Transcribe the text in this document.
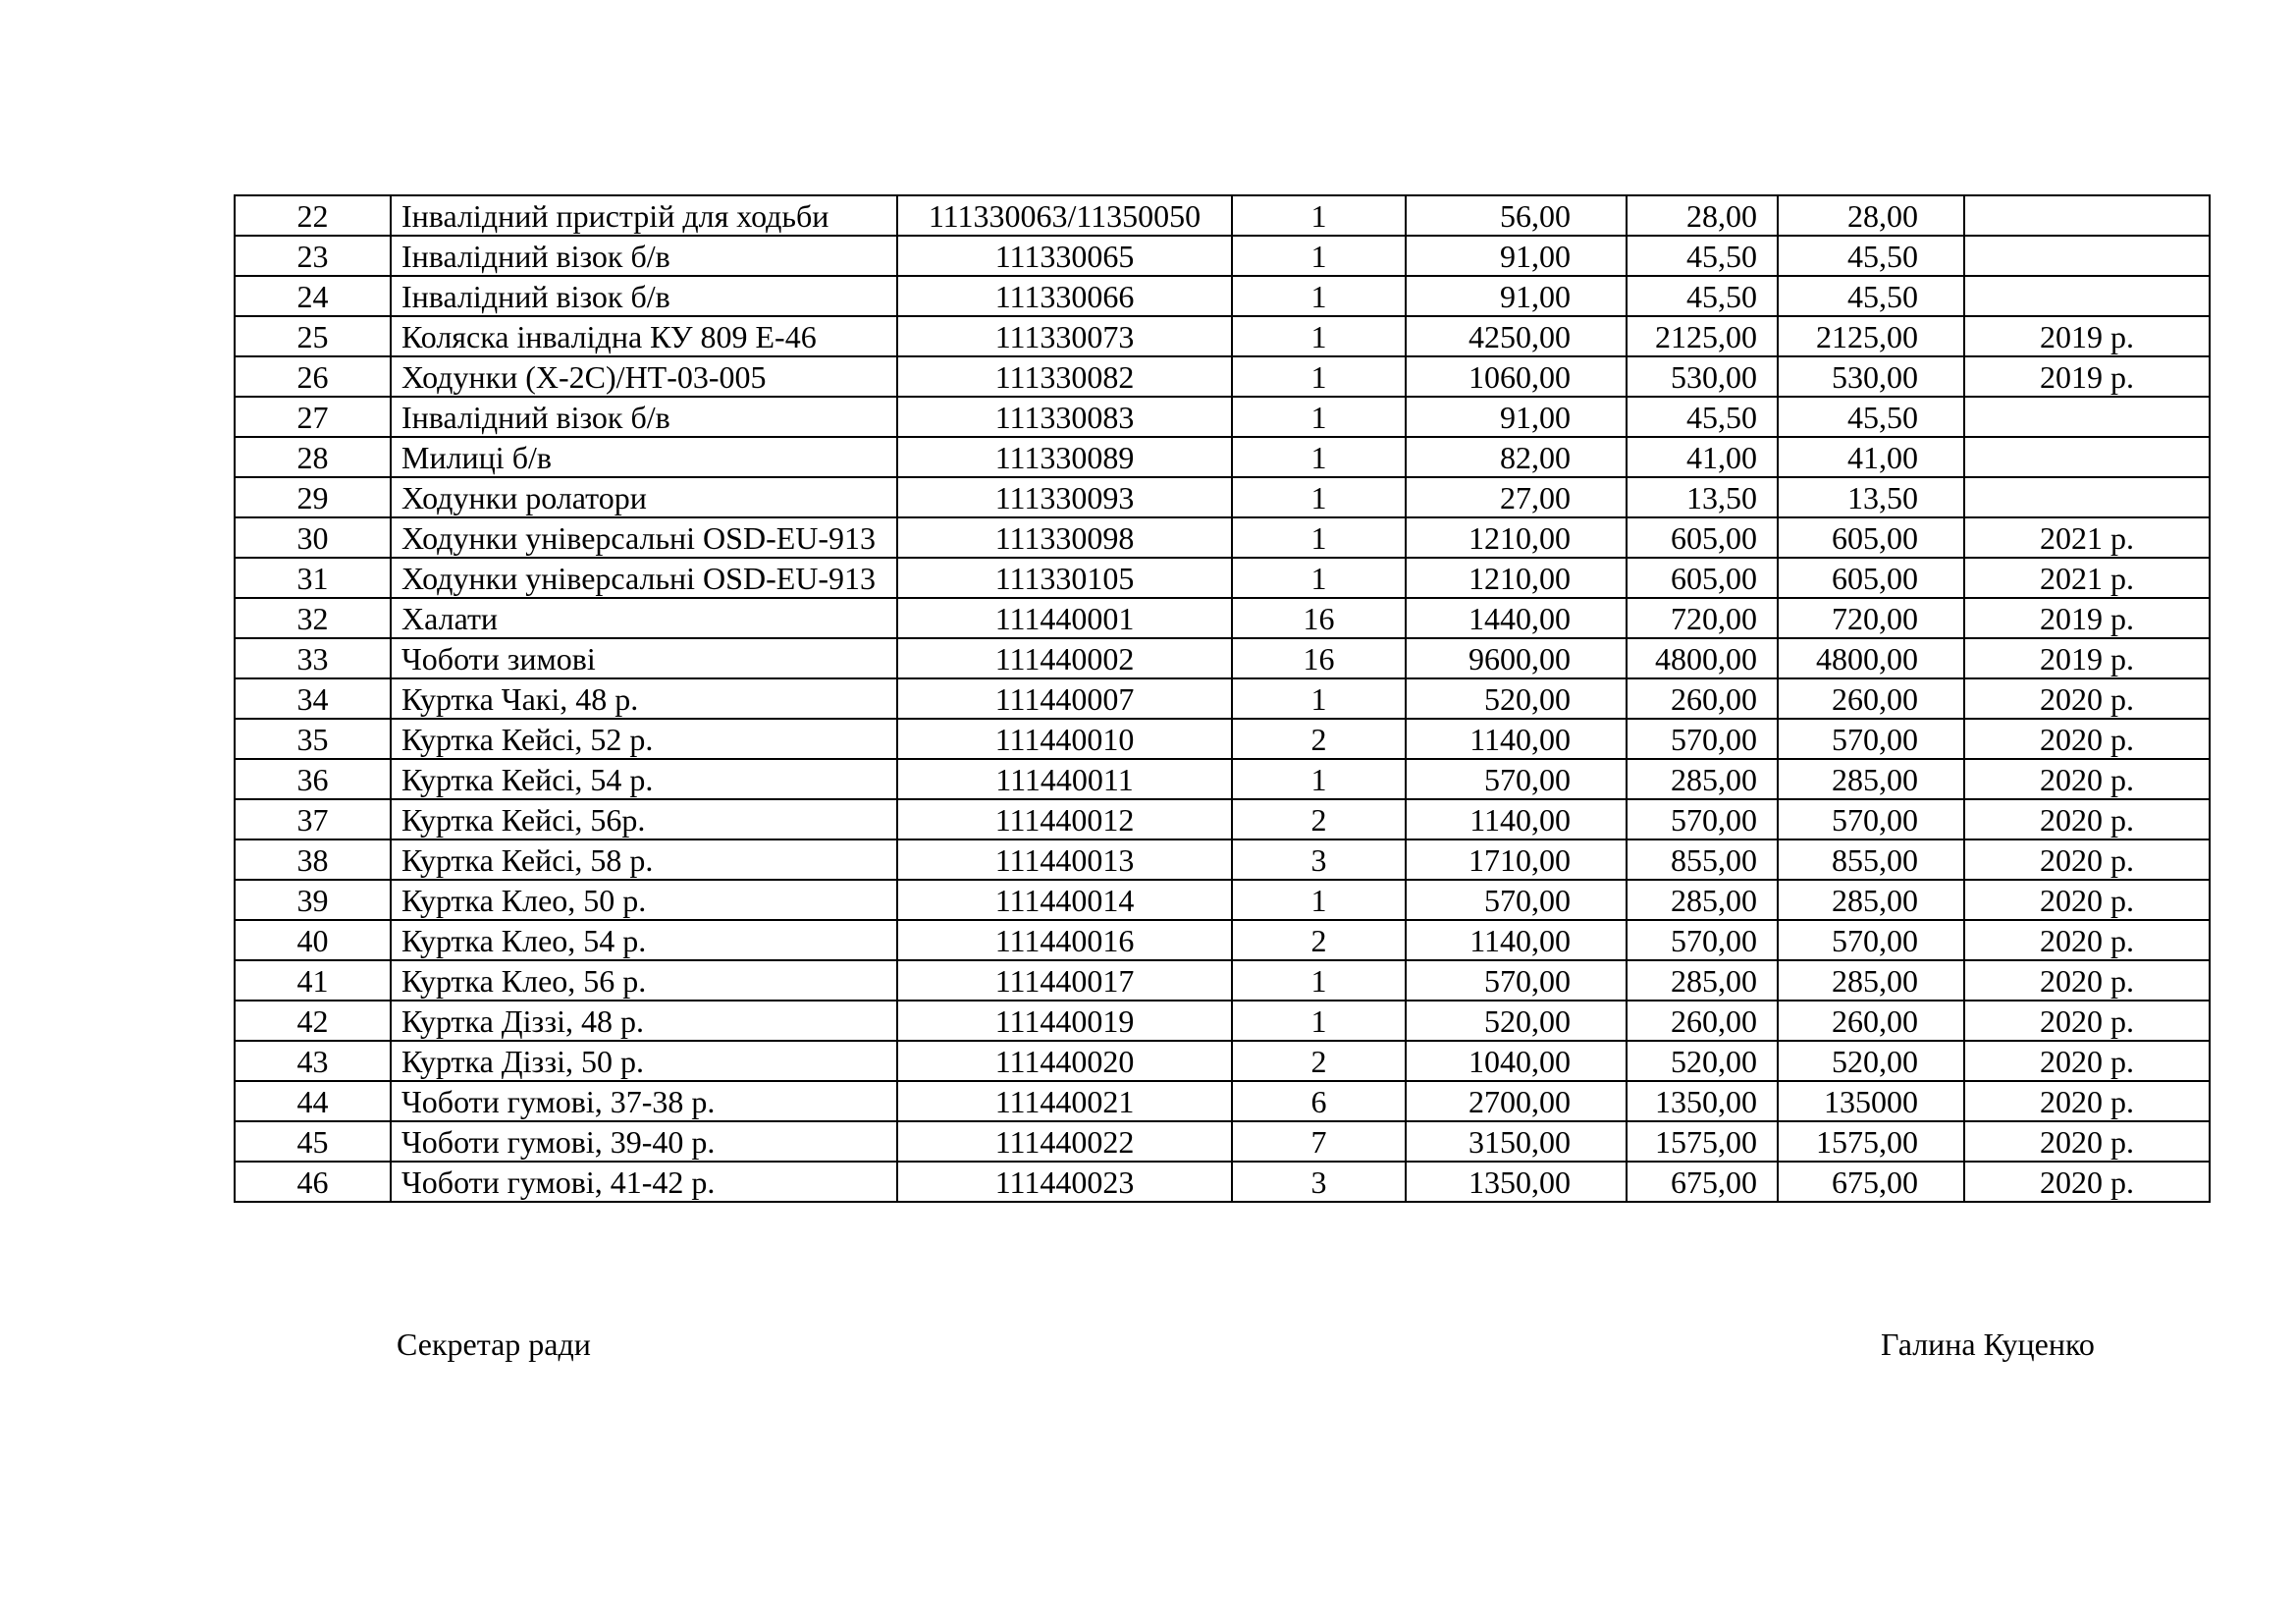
22	Інвалідний пристрій для ходьби	111330063/11350050	1	56,00	28,00	28,00	
23	Інвалідний візок б/в	111330065	1	91,00	45,50	45,50	
24	Інвалідний візок б/в	111330066	1	91,00	45,50	45,50	
25	Коляска інвалідна КУ 809 Е-46	111330073	1	4250,00	2125,00	2125,00	2019 р.
26	Ходунки (Х-2С)/НТ-03-005	111330082	1	1060,00	530,00	530,00	2019 р.
27	Інвалідний візок б/в	111330083	1	91,00	45,50	45,50	
28	Милиці б/в	111330089	1	82,00	41,00	41,00	
29	Ходунки ролатори	111330093	1	27,00	13,50	13,50	
30	Ходунки універсальні OSD-EU-913	111330098	1	1210,00	605,00	605,00	2021 р.
31	Ходунки універсальні OSD-EU-913	111330105	1	1210,00	605,00	605,00	2021 р.
32	Халати	111440001	16	1440,00	720,00	720,00	2019 р.
33	Чоботи зимові	111440002	16	9600,00	4800,00	4800,00	2019 р.
34	Куртка Чакі, 48 р.	111440007	1	520,00	260,00	260,00	2020 р.
35	Куртка Кейсі, 52 р.	111440010	2	1140,00	570,00	570,00	2020 р.
36	Куртка Кейсі, 54 р.	111440011	1	570,00	285,00	285,00	2020 р.
37	Куртка Кейсі, 56р.	111440012	2	1140,00	570,00	570,00	2020 р.
38	Куртка Кейсі, 58 р.	111440013	3	1710,00	855,00	855,00	2020 р.
39	Куртка Клео, 50 р.	111440014	1	570,00	285,00	285,00	2020 р.
40	Куртка Клео, 54 р.	111440016	2	1140,00	570,00	570,00	2020 р.
41	Куртка Клео, 56 р.	111440017	1	570,00	285,00	285,00	2020 р.
42	Куртка Діззі, 48 р.	111440019	1	520,00	260,00	260,00	2020 р.
43	Куртка Діззі, 50 р.	111440020	2	1040,00	520,00	520,00	2020 р.
44	Чоботи гумові, 37-38 р.	111440021	6	2700,00	1350,00	135000	2020 р.
45	Чоботи гумові, 39-40 р.	111440022	7	3150,00	1575,00	1575,00	2020 р.
46	Чоботи гумові, 41-42 р.	111440023	3	1350,00	675,00	675,00	2020 р.
Секретар ради	Галина Куценко
